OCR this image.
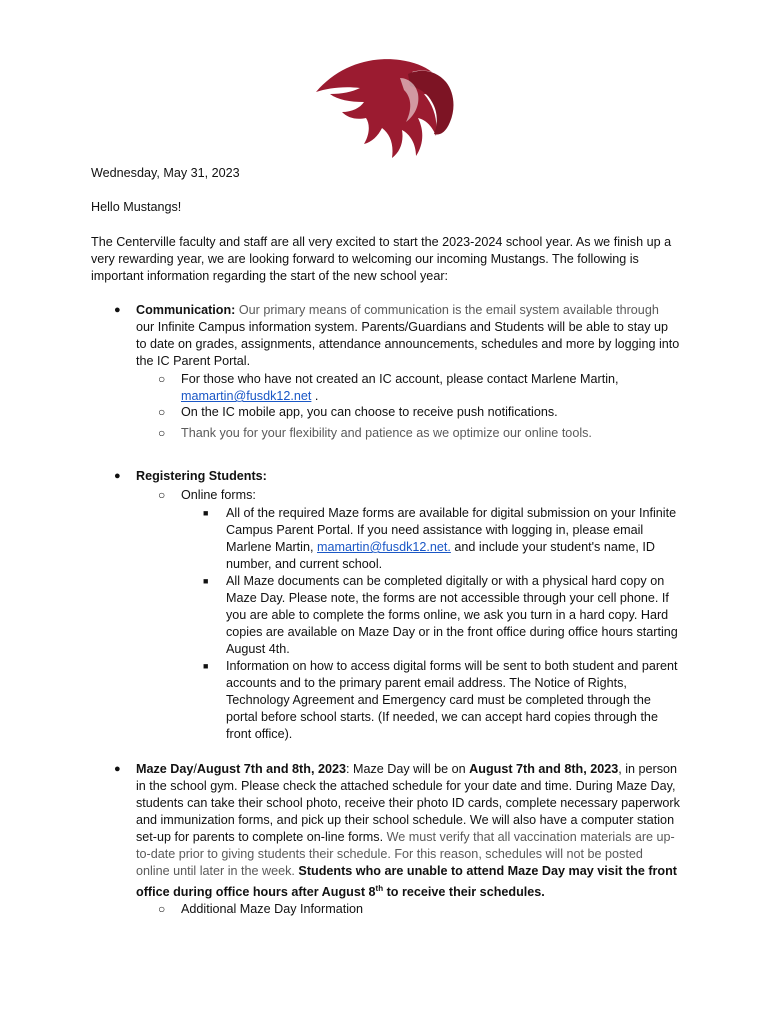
Wednesday, May 31, 2023

Hello Mustangs!

The Centerville faculty and staff are all very excited to start the 2023-2024 school year. As we finish up a

very rewarding year, we are looking forward to welcoming our incoming Mustangs. The following is

important information regarding the start of the new school year:

● Communication: Our primary means of communication is the email system available through

our Infinite Campus information system. Parents/Guardians and Students will be able to stay up

to date on grades, assignments, attendance announcements, schedules and more by logging into

the IC Parent Portal.

○ For those who have not created an IC account, please contact Marlene Martin,

mamartin@fusdk12.net .

○ On the IC mobile app, you can choose to receive push notifications.

○ Thank you for your flexibility and patience as we optimize our online tools.

● Registering Students:

○ Online forms:

■ All of the required Maze forms are available for digital submission on your Infinite

Campus Parent Portal. If you need assistance with logging in, please email

Marlene Martin, mamartin@fusdk12.net. and include your student's name, ID

number, and current school.

■ All Maze documents can be completed digitally or with a physical hard copy on

Maze Day. Please note, the forms are not accessible through your cell phone. If

you are able to complete the forms online, we ask you turn in a hard copy. Hard

copies are available on Maze Day or in the front office during office hours starting

August 4th.

■ Information on how to access digital forms will be sent to both student and parent

accounts and to the primary parent email address. The Notice of Rights,

Technology Agreement and Emergency card must be completed through the

portal before school starts. (If needed, we can accept hard copies through the

front office).

● Maze Day/August 7th and 8th, 2023: Maze Day will be on August 7th and 8th, 2023, in person

in the school gym. Please check the attached schedule for your date and time. During Maze Day,

students can take their school photo, receive their photo ID cards, complete necessary paperwork

and immunization forms, and pick up their school schedule. We will also have a computer station

set-up for parents to complete on-line forms. We must verify that all vaccination materials are up-

to-date prior to giving students their schedule. For this reason, schedules will not be posted

online until later in the week. Students who are unable to attend Maze Day may visit the front

office during office hours after August 8th to receive their schedules.

○ Additional Maze Day Information
